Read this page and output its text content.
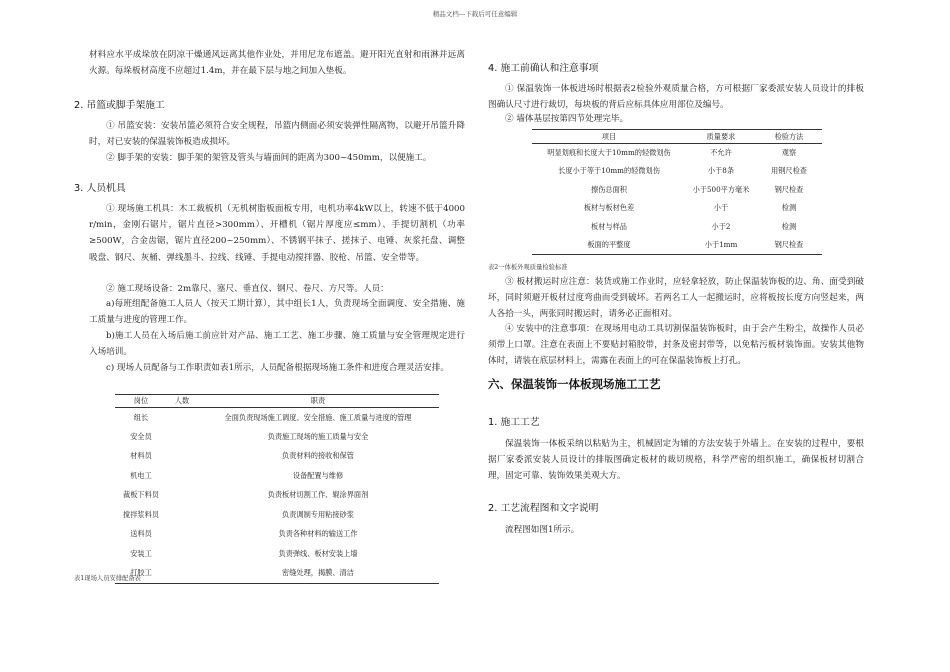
精品文档---下载后可任意编辑

材料应水平成垛放在阴凉干燥通风远离其他作业处，并用尼龙布遮盖。避开阳光直射和雨淋并远离火源。每垛板材高度不应超过1.4m，并在最下层与地之间加入垫板。

2. 吊篮或脚手架施工

① 吊篮安装：安装吊篮必须符合安全规程，吊篮内侧面必须安装弹性隔离物，以避开吊篮升降时，对已安装的保温装饰板造成损坏。

② 脚手架的安装：脚手架的架管及管头与墙面间的距离为300~450mm，以便施工。

3. 人员机具

① 现场施工机具：木工裁板机（无机树脂板面板专用，电机功率4kW以上，转速不低于4000 r/min，金刚石锯片，锯片直径>300mm）、开槽机（锯片厚度应≤mm）、手提切割机（功率≥500W，合金齿锯，锯片直径200~250mm）、不锈钢平抹子、搓抹子、电锤、灰浆托盘、调整吸盘、钢尺、灰桶、弹线墨斗、拉线、线锤、手提电动搅拌器、胶枪、吊篮、安全带等。

② 施工现场设备：2m靠尺、塞尺、垂直仪、钢尺、卷尺、方尺等。人员：

a)每班组配备施工人员人（按天工期计算），其中组长1人，负责现场全面调度、安全措施、施工质量与进度的管理工作。

b)施工人员在入场后施工前应针对产品、施工工艺、施工步骤、施工质量与安全管理规定进行入场培训。

c) 现场人员配备与工作职责如表1所示，人员配备根据现场施工条件和进度合理灵活安排。

岗位	人数	职责
组长		全面负责现场施工调度、安全措施、施工质量与进度的管理
安全员		负责施工现场的施工质量与安全
材料员		负责材料的接收和保管
机电工		设备配置与维修
裁板下料员		负责板材切割工作、辊涂界面剂
搅拌浆料员		负责调制专用粘接砂浆
送料员		负责各种材料的输送工作
安装工		负责弹线、板材安装上墙
打胶工		密缝处理，揭膜、清洁
表1现场人员安排配备表
4. 施工前确认和注意事项

① 保温装饰一体板进场时根据表2检验外观质量合格，方可根据厂家委派安装人员设计的排板图确认尺寸进行裁切，每块板的背后应标具体应用部位及编号。

② 墙体基层按第四节处理完毕。

项目	质量要求	检验方法
明显划痕和长度大于10mm的轻微划伤	不允许	观察
长度小于等于10mm的轻微划伤	小于8条	用钢尺检查
擦伤总面积	小于500平方毫米	钢尺检查
板材与板材色差	小于	检测
板材与样品	小于2	检测
板面的平整度	小于1mm	钢尺检查
表2一体板外观质量检验标准

③ 板材搬运时应注意：装货或施工作业时，应轻拿轻放，防止保温装饰板的边、角、面受到破坏，同时须避开板材过度弯曲而受到破坏。若两名工人一起搬运时，应将板按长度方向竖起来，两人各拾一头，两张同时搬运时，请务必正面相对。

④ 安装中的注意事项：在现场用电动工具切割保温装饰板时，由于会产生粉尘，故操作人员必须带上口罩。注意在表面上不要贴封箱胶带，封条及密封带等，以免粘污板材装饰面。安装其他物体时，请装在底层材料上，需露在表面上的可在保温装饰板上打孔。

六、保温装饰一体板现场施工工艺
1. 施工工艺

保温装饰一体板采纳以粘贴为主，机械固定为辅的方法安装于外墙上。在安装的过程中，要根据厂家委派安装人员设计的排版图确定板材的裁切规格，科学严密的组织施工，确保板材切割合理，固定可靠、装饰效果美观大方。

2. 工艺流程图和文字说明

流程图如图1所示。
